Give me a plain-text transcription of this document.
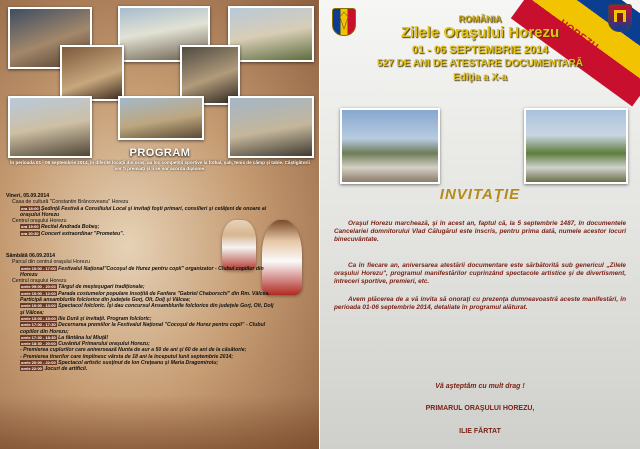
PROGRAM
În perioada 01 - 06 septembrie 2014, în diferite locaţii din oraş, au loc competiţii sportive la fotbal, şah, tenis de câmp şi table. Câştigătorii vor fi premiaţi şi li se vor acorda diplome.
Vineri, 05.09.2014
Casa de cultură "Constantin Brâncoveanu" Horezu
ora 18:00 Şedinţă Festivă a Consiliului Local şi invitaţi foşti primari, consilieri şi cetăţeni de onoare ai oraşului Horezu
Centrul oraşului Horezu
ora 19:00 Recital Andrada Bobeş;
ora 20:30 Concert extraordinar "Prometeu".
Sâmbătă 06.09.2014
Parcul din centrul oraşului Horezu
orele 10:00 - 17:00 Festivalul Naţional"Cocoşul de Hurez pentru copii" organizator - Clubul copiilor din Horezu
Centrul oraşului Horezu
orele 09:00 - 20:00 Târgul de meşteşugari tradiţionale;
orele 10:00 - 12:00 Parada costumelor populare însoţită de Fanfara "Gabriel Chaborschi" din Rm. Vâlcea. Participă ansamblurile folclorice din judeţele Gorj, Olt, Dolj şi Vâlcea;
orele 10:00 - 13:00 Spectacol folcloric. Îşi dau concursul Ansamblurile folclorice din judeţele Gorj, Olt, Dolj şi Vâlcea;
orele 13:00 - 15:00 Ilie Dură şi invitaţii. Program folcloric;
orele 17:00 - 17:30 Decernarea premiilor la Festivalul Naţional "Cocoşul de Hurez pentru copii" - Clubul copiilor din Horezu;
orele 17:30 - 18:30 La fântâna lui Miuţă!
orele 18:30 - 20:00 Cuvântul Primarului oraşului Horezu;
- Premierea cuplurilor care aniversează Nunta de aur a 50 de ani şi 60 de ani de la căsătorie;
- Premierea tinerilor care împlinesc vârsta de 18 ani la începutul lunii septembrie 2014;
orele 20:00 - 22:00 Spectacol artistic susţinut de Ion Creţeanu şi Maria Dragomiroiu;
orele 22:00 Jocuri de artificii.
HOREZU
ROMÂNIA
Zilele Oraşului Horezu
01 - 06 SEPTEMBRIE 2014
527 DE ANI DE ATESTARE DOCUMENTARĂ
Ediţia a X-a
INVITAŢIE
Oraşul Horezu marchează, şi în acest an, faptul că, la 5 septembrie 1487, în documentele Cancelariei domnitorului Vlad Călugărul este înscris, pentru prima dată, numele acestor locuri binecuvântate.
Ca în fiecare an, aniversarea atestării documentare este sărbătorită sub genericul „Zilele oraşului Horezu", programul manifestărilor cuprinzând spectacole artistice şi de divertisment, întreceri sportive, premieri, etc.
Avem plăcerea de a vă invita să onoraţi cu prezenţa dumneavoastră aceste manifestări, în perioada 01-06 septembrie 2014, detaliate în programul alăturat.
Vă aşteptăm cu mult drag !
PRIMARUL ORAŞULUI HOREZU,
ILIE FĂRTAT
